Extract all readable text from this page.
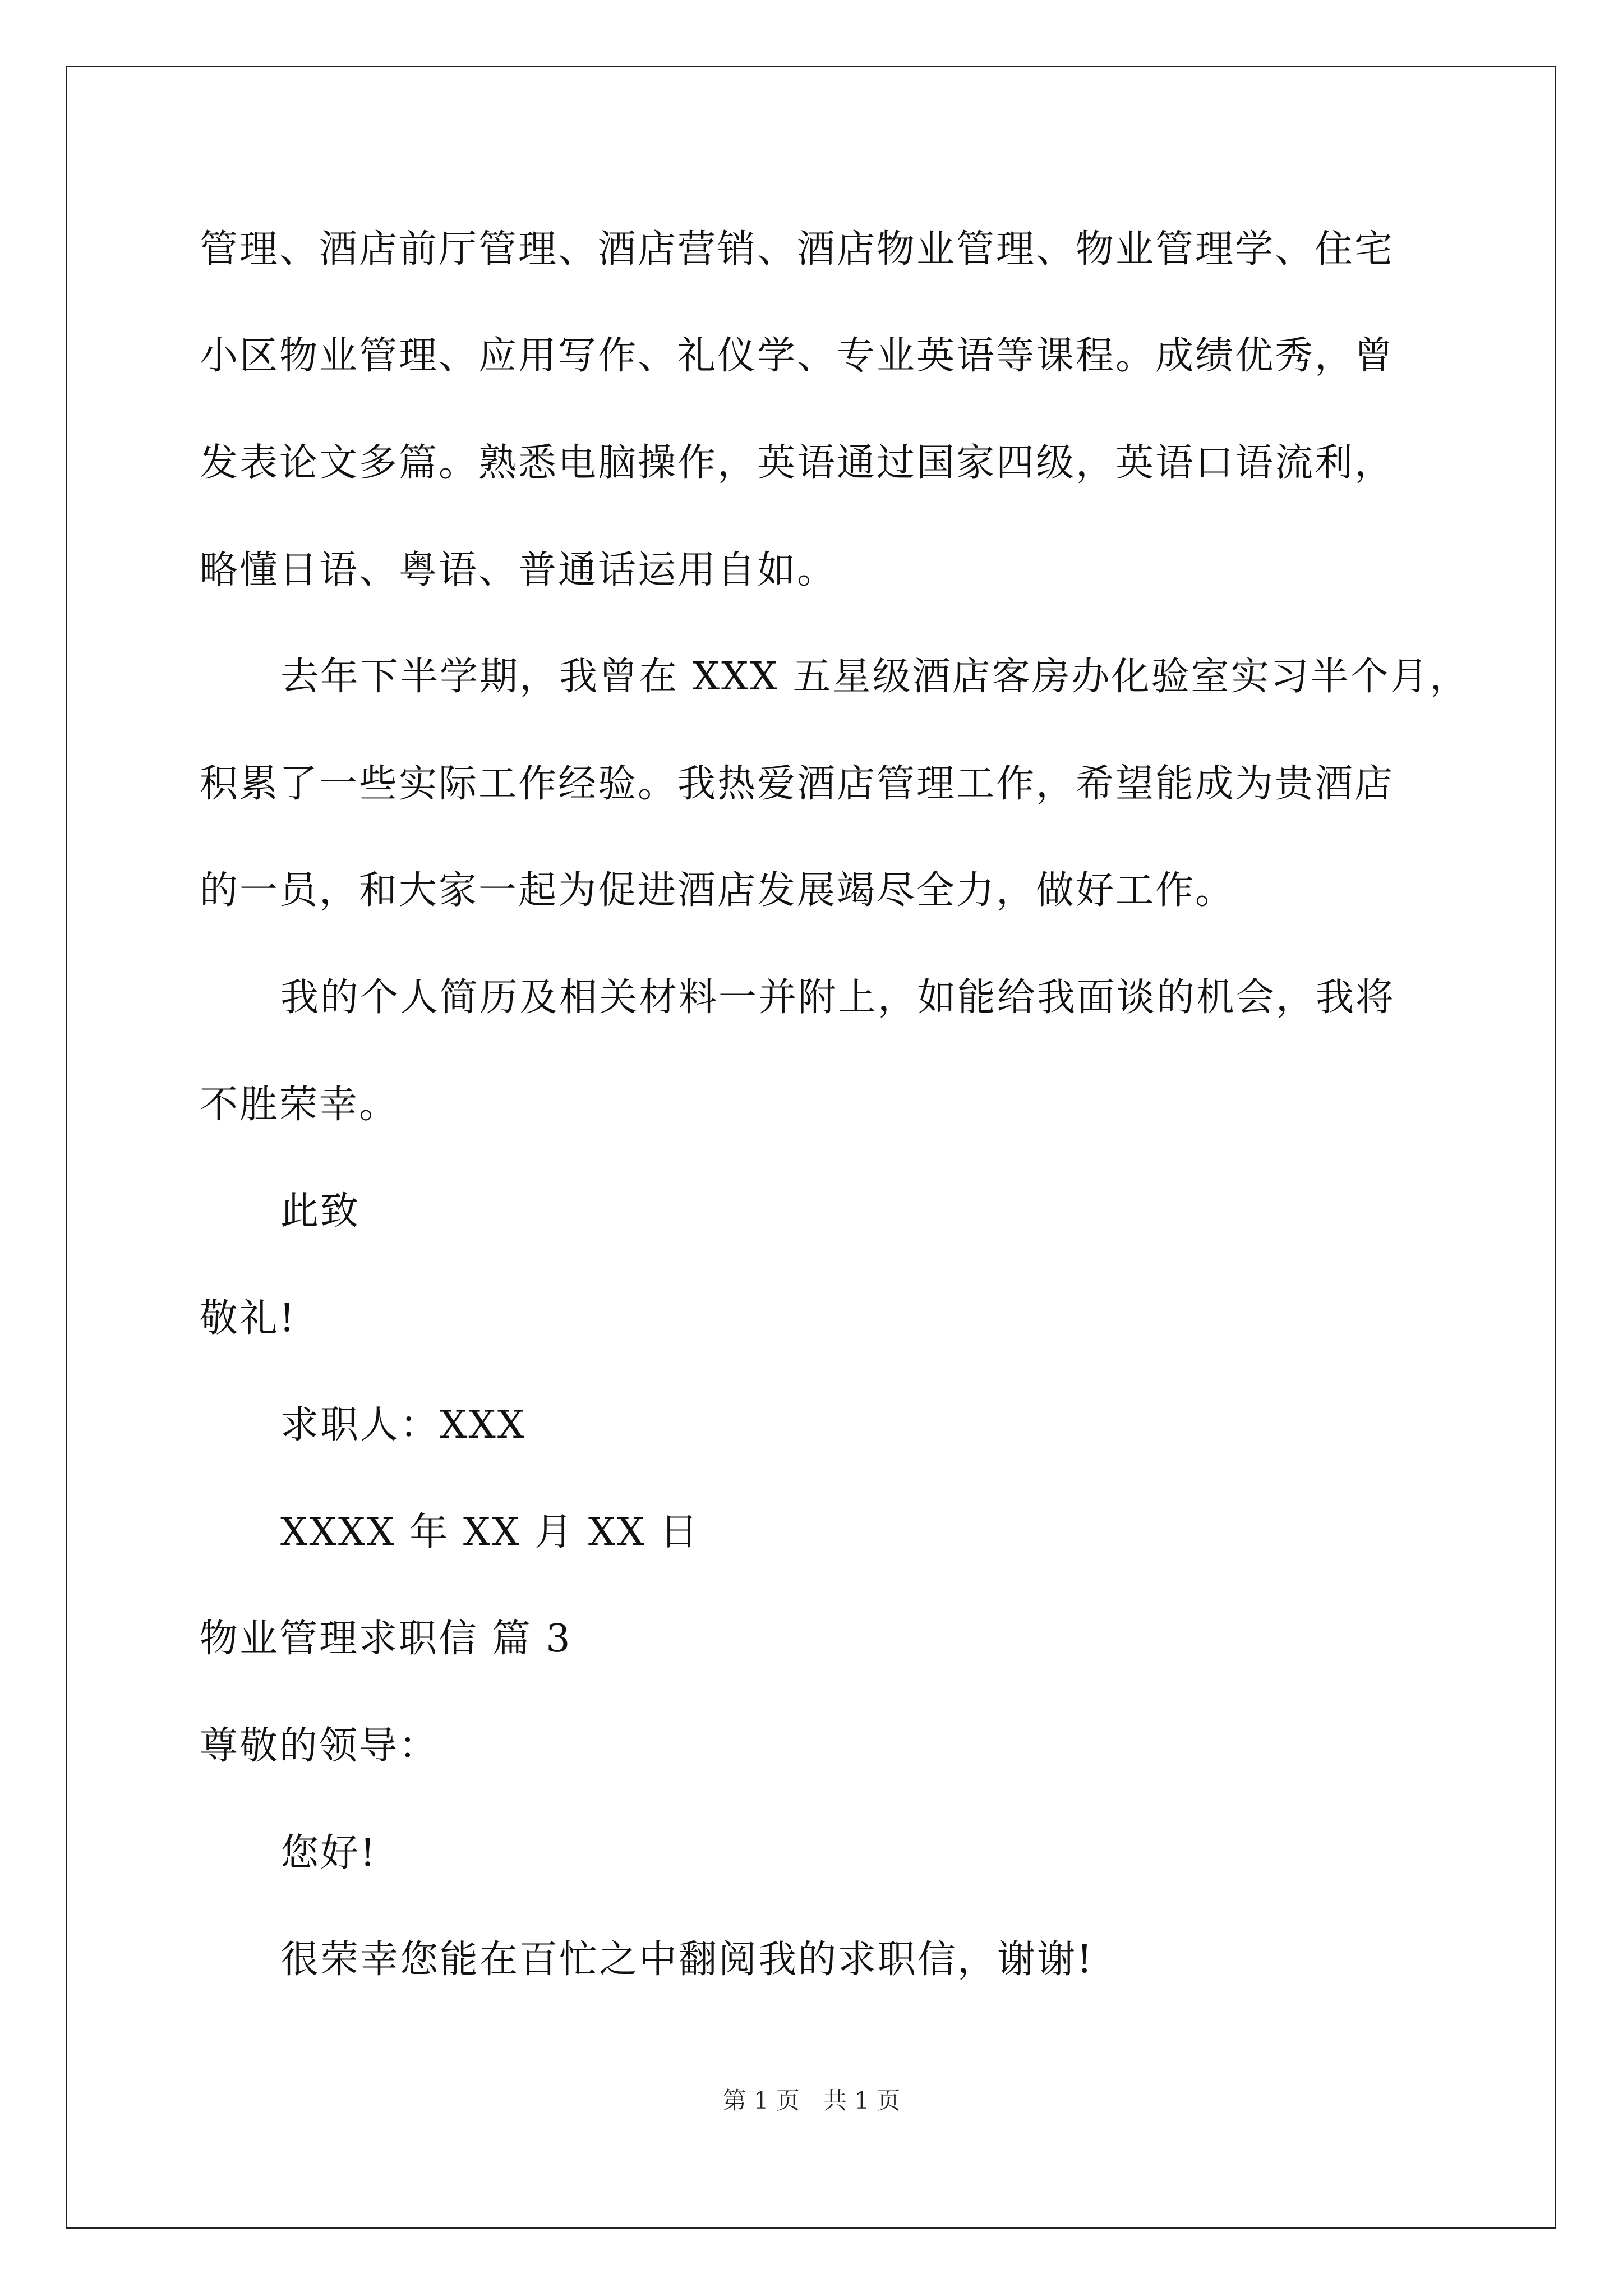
管理、酒店前厅管理、酒店营销、酒店物业管理、物业管理学、住宅
小区物业管理、应用写作、礼仪学、专业英语等课程。成绩优秀，曾
发表论文多篇。熟悉电脑操作，英语通过国家四级，英语口语流利，
略懂日语、粤语、普通话运用自如。
去年下半学期，我曾在 XXX 五星级酒店客房办化验室实习半个月，
积累了一些实际工作经验。我热爱酒店管理工作，希望能成为贵酒店
的一员，和大家一起为促进酒店发展竭尽全力，做好工作。
我的个人简历及相关材料一并附上，如能给我面谈的机会，我将
不胜荣幸。
此致
敬礼!
求职人：XXX
XXXX 年 XX 月 XX 日
物业管理求职信 篇 3
尊敬的领导：
您好!
很荣幸您能在百忙之中翻阅我的求职信，谢谢!
第 1 页　共 1 页
